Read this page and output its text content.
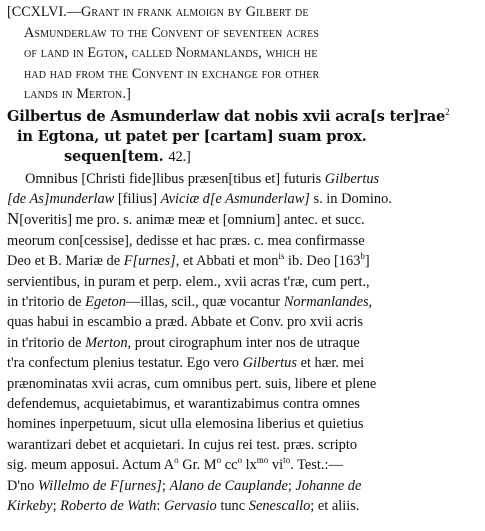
[CCXLVI.—Grant in frank almoign by Gilbert de
Asmunderlaw to the Convent of seventeen acres
of land in Egton, called Normanlands, which he
had had from the Convent in exchange for other
lands in Merton.]
Gilbertus de Asmunderlaw dat nobis xvii acra[s ter]rae$^2$
in Egtona, ut patet per [cartam] suam prox.
sequen[tem. 42.]
Omnibus [Christi fide]libus præsen[tibus et] futuris Gilbertus
[de As]munderlaw [filius] Aviciæ d[e Asmunderlaw] s. in Domino.
N[overitis] me pro. s. animæ meæ et [omnium] antec. et succ.
meorum con[cessise], dedisse et hac præs. c. mea confirmasse
Deo et B. Mariæ de F[urnes], et Abbati et mon$^{is}$ ib. Deo [163$^b$]
servientibus, in puram et perp. elem., xvii acras t'ræ, cum pert.,
in t'ritorio de Egeton—illas, scil., quæ vocantur Normanlandes,
quas habui in escambio a præd. Abbate et Conv. pro xvii acris
in t'ritorio de Merton, prout cirographum inter nos de utraque
t'ra confectum plenius testatur. Ego vero Gilbertus et hær. mei
prænominatas xvii acras, cum omnibus pert. suis, libere et plene
defendemus, acquietabimus, et warantizabimus contra omnes
homines inperpetuum, sicut ulla elemosina liberius et quietius
warantizari debet et acquietari. In cujus rei test. præs. scripto
sig. meum apposui. Actum $A^o$ Gr. $M^o$ $cc^o$ $lx^{mo}$ $vi^{to}$. Test.:—
D'no Willelmo de F[urnes]; Alano de Cauplande; Johanne de
Kirkeby; Roberto de Wath: Gervasio tunc Senescallo; et aliis.
